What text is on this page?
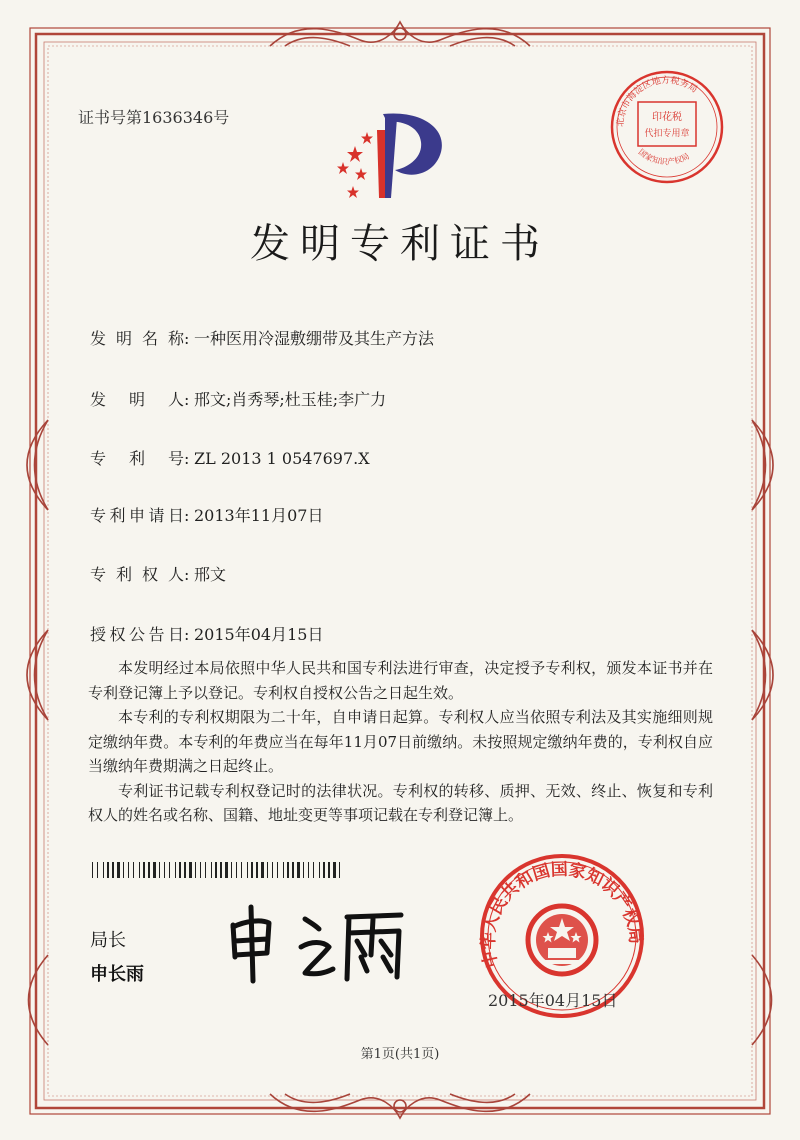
证书号第1636346号	北京市海淀区地方税务局
印花税
代扣专用章
国家知识产权局
发明专利证书
发明名称: 一种医用冷湿敷绷带及其生产方法
发明人: 邢文;肖秀琴;杜玉桂;李广力
专利号: ZL 2013 1 0547697.X
专利申请日: 2013年11月07日
专利权人: 邢文
授权公告日: 2015年04月15日

本发明经过本局依照中华人民共和国专利法进行审查，决定授予专利权，颁发本证书并在专利登记簿上予以登记。专利权自授权公告之日起生效。

本专利的专利权期限为二十年，自申请日起算。专利权人应当依照专利法及其实施细则规定缴纳年费。本专利的年费应当在每年11月07日前缴纳。未按照规定缴纳年费的，专利权自应当缴纳年费期满之日起终止。

专利证书记载专利权登记时的法律状况。专利权的转移、质押、无效、终止、恢复和专利权人的姓名或名称、国籍、地址变更等事项记载在专利登记簿上。

局长
申长雨
中华人民共和国国家知识产权局
2015年04月15日
第1页(共1页)
